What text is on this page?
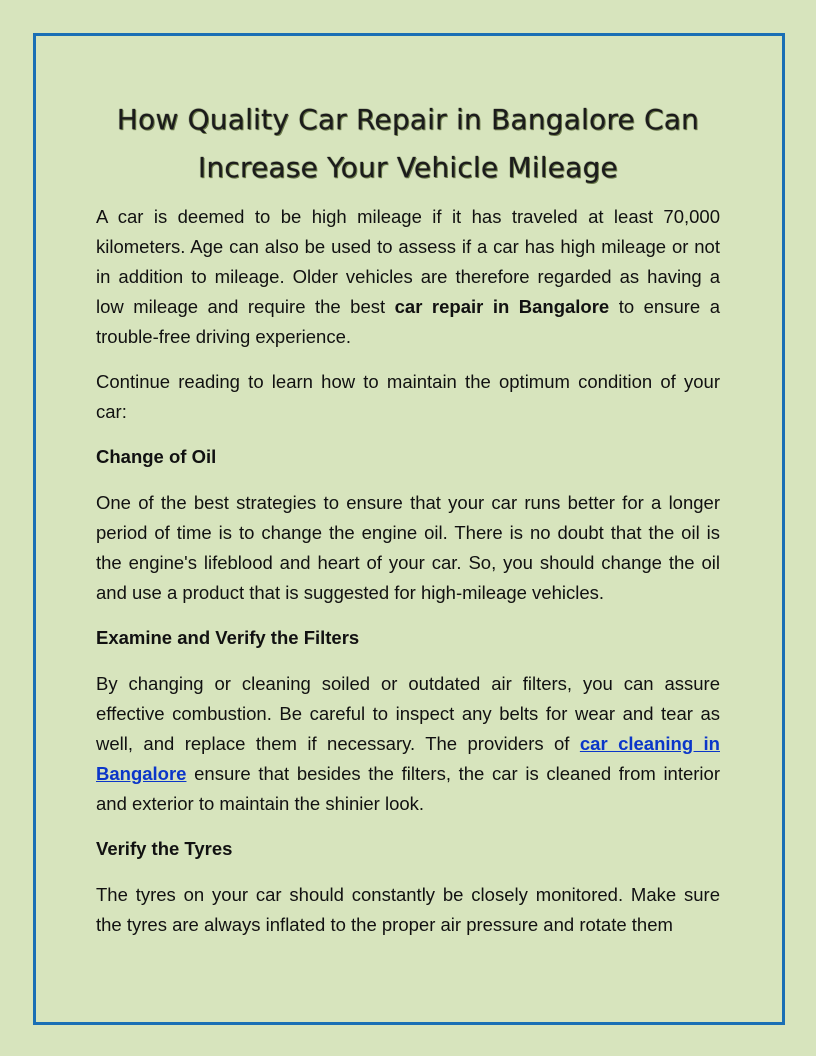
How Quality Car Repair in Bangalore Can
Increase Your Vehicle Mileage

A car is deemed to be high mileage if it has traveled at least 70,000 kilometers. Age can also be used to assess if a car has high mileage or not in addition to mileage. Older vehicles are therefore regarded as having a low mileage and require the best car repair in Bangalore to ensure a trouble-free driving experience.

Continue reading to learn how to maintain the optimum condition of your car:

Change of Oil

One of the best strategies to ensure that your car runs better for a longer period of time is to change the engine oil. There is no doubt that the oil is the engine's lifeblood and heart of your car. So, you should change the oil and use a product that is suggested for high-mileage vehicles.

Examine and Verify the Filters

By changing or cleaning soiled or outdated air filters, you can assure effective combustion. Be careful to inspect any belts for wear and tear as well, and replace them if necessary. The providers of car cleaning in Bangalore ensure that besides the filters, the car is cleaned from interior and exterior to maintain the shinier look.

Verify the Tyres

The tyres on your car should constantly be closely monitored. Make sure the tyres are always inflated to the proper air pressure and rotate them
